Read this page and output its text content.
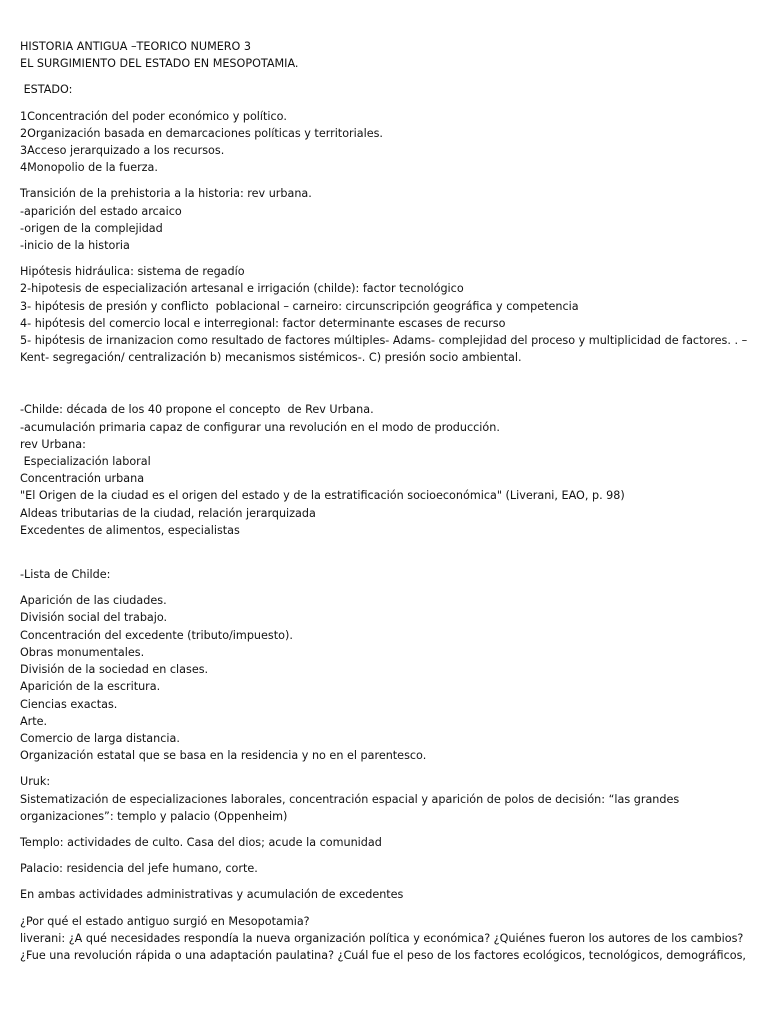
HISTORIA ANTIGUA –TEORICO NUMERO 3
EL SURGIMIENTO DEL ESTADO EN MESOPOTAMIA.
ESTADO:
1Concentración del poder económico y político.
2Organización basada en demarcaciones políticas y territoriales.
3Acceso jerarquizado a los recursos.
4Monopolio de la fuerza.
Transición de la prehistoria a la historia: rev urbana.
-aparición del estado arcaico
-origen de la complejidad
-inicio de la historia
Hipótesis hidráulica: sistema de regadío
2-hipotesis de especialización artesanal e irrigación (childe): factor tecnológico
3- hipótesis de presión y conflicto  poblacional – carneiro: circunscripción geográfica y competencia
4- hipótesis del comercio local e interregional: factor determinante escases de recurso
5- hipótesis de irnanizacion como resultado de factores múltiples- Adams- complejidad del proceso y multiplicidad de factores. . – Kent- segregación/ centralización b) mecanismos sistémicos-. C) presión socio ambiental.
-Childe: década de los 40 propone el concepto  de Rev Urbana.
-acumulación primaria capaz de configurar una revolución en el modo de producción.
rev Urbana:
Especialización laboral
Concentración urbana
"El Origen de la ciudad es el origen del estado y de la estratificación socioeconómica" (Liverani, EAO, p. 98)
Aldeas tributarias de la ciudad, relación jerarquizada
Excedentes de alimentos, especialistas
-Lista de Childe:
Aparición de las ciudades.
División social del trabajo.
Concentración del excedente (tributo/impuesto).
Obras monumentales.
División de la sociedad en clases.
Aparición de la escritura.
Ciencias exactas.
Arte.
Comercio de larga distancia.
Organización estatal que se basa en la residencia y no en el parentesco.
Uruk:
Sistematización de especializaciones laborales, concentración espacial y aparición de polos de decisión: “las grandes organizaciones”: templo y palacio (Oppenheim)
Templo: actividades de culto. Casa del dios; acude la comunidad
Palacio: residencia del jefe humano, corte.
En ambas actividades administrativas y acumulación de excedentes
¿Por qué el estado antiguo surgió en Mesopotamia?
liverani: ¿A qué necesidades respondía la nueva organización política y económica? ¿Quiénes fueron los autores de los cambios? ¿Fue una revolución rápida o una adaptación paulatina? ¿Cuál fue el peso de los factores ecológicos, tecnológicos, demográficos,
